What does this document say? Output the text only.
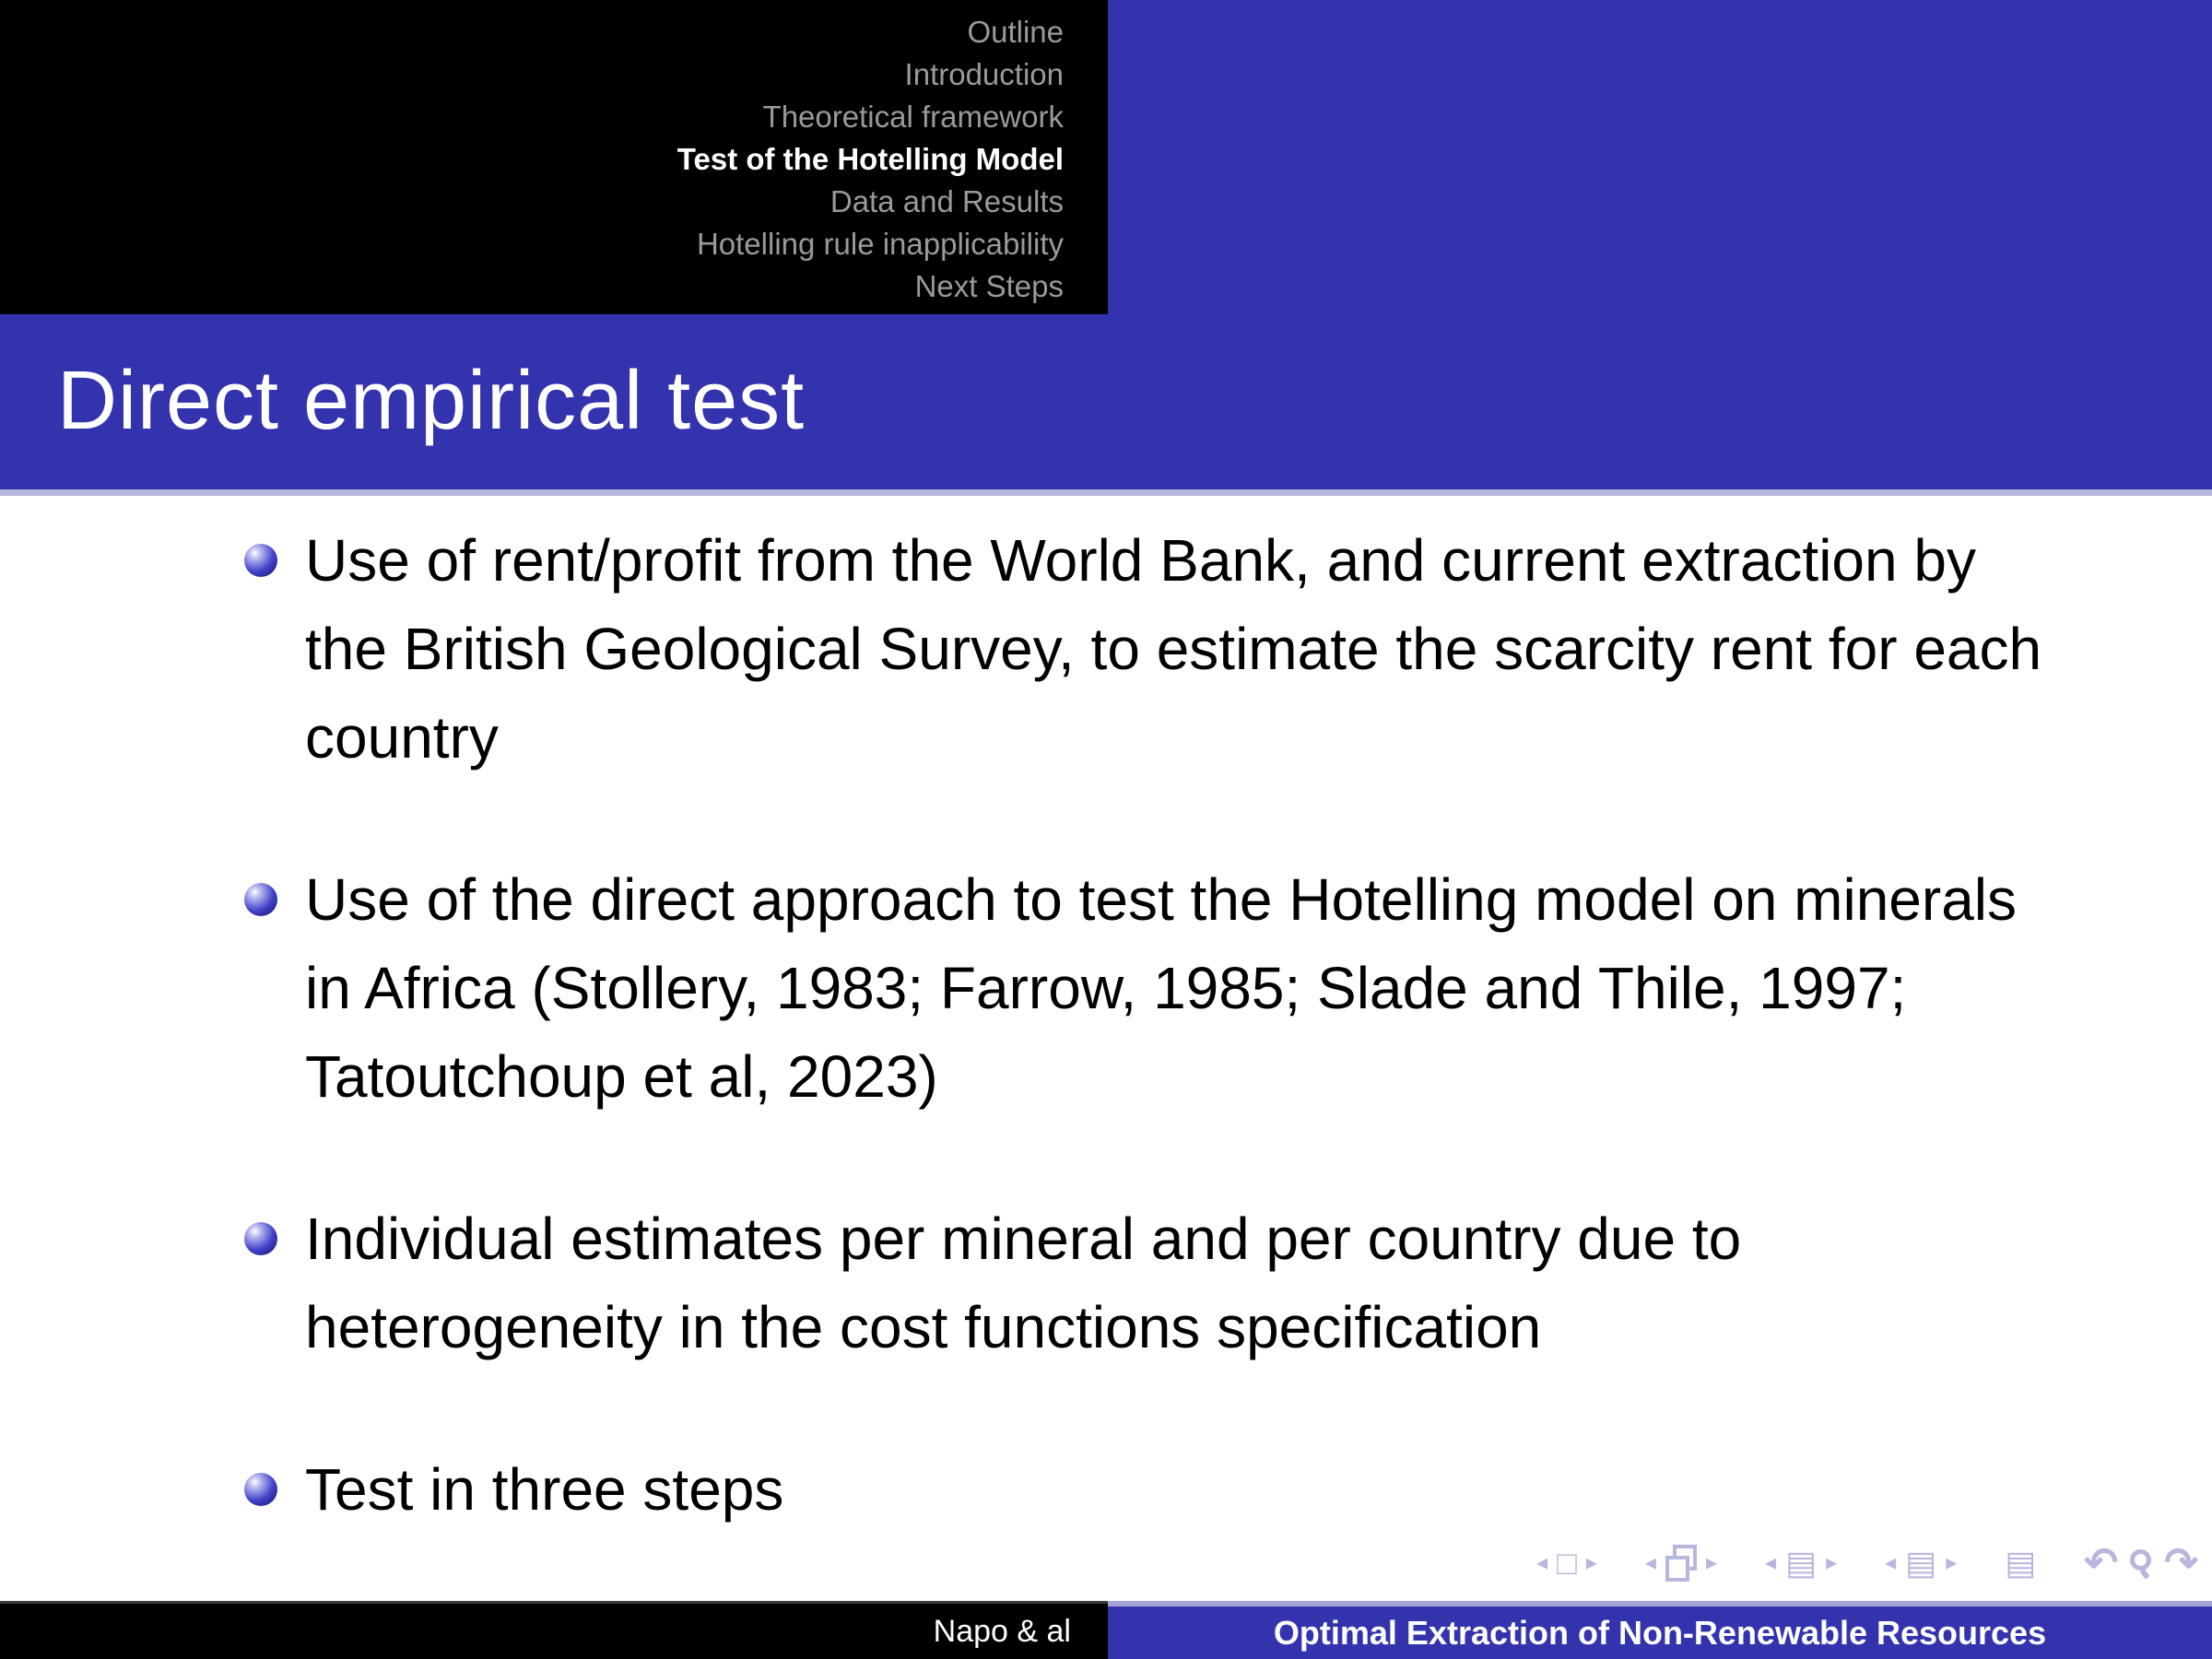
Outline
Introduction
Theoretical framework
Test of the Hotelling Model
Data and Results
Hotelling rule inapplicability
Next Steps
Direct empirical test
Use of rent/profit from the World Bank, and current extraction by the British Geological Survey, to estimate the scarcity rent for each country
Use of the direct approach to test the Hotelling model on minerals in Africa (Stollery, 1983; Farrow, 1985; Slade and Thile, 1997; Tatoutchoup et al, 2023)
Individual estimates per mineral and per country due to heterogeneity in the cost functions specification
Test in three steps
◂ □ ▸ ◂ ▸ ◂ ▤ ▸ ◂ ▤ ▸ ▤ ↶ ↷
Napo & al	Optimal Extraction of Non-Renewable Resources
